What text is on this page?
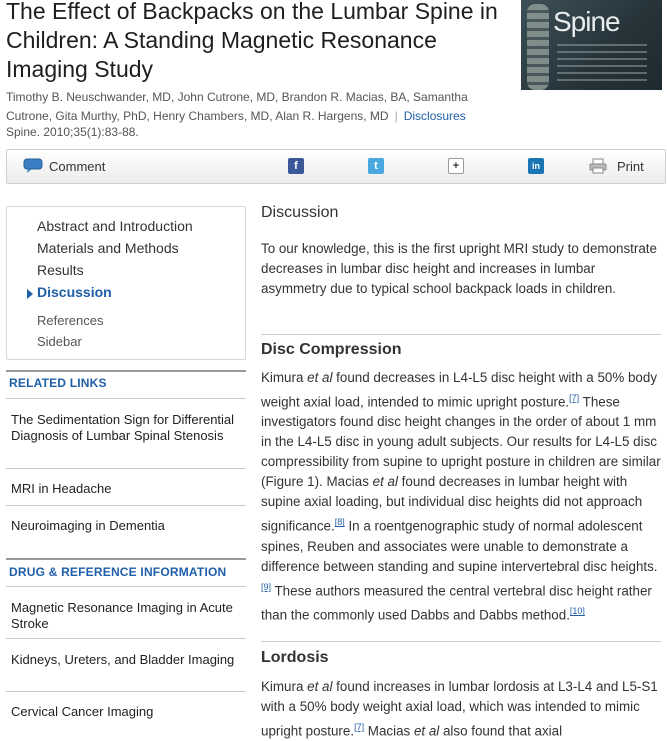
The Effect of Backpacks on the Lumbar Spine in Children: A Standing Magnetic Resonance Imaging Study
Timothy B. Neuschwander, MD, John Cutrone, MD, Brandon R. Macias, BA, Samantha
Cutrone, Gita Murthy, PhD, Henry Chambers, MD, Alan R. Hargens, MD | Disclosures
Spine. 2010;35(1):83-88.
Spine
Comment	f	t	+	in	Print
Abstract and Introduction
Materials and Methods
Results
Discussion
References
Sidebar
RELATED LINKS
The Sedimentation Sign for Differential Diagnosis of Lumbar Spinal Stenosis
MRI in Headache
Neuroimaging in Dementia
DRUG & REFERENCE INFORMATION
Magnetic Resonance Imaging in Acute Stroke
Kidneys, Ureters, and Bladder Imaging
Cervical Cancer Imaging
Discussion

To our knowledge, this is the first upright MRI study to demonstrate decreases in lumbar disc height and increases in lumbar asymmetry due to typical school backpack loads in children.

Disc Compression

Kimura et al found decreases in L4-L5 disc height with a 50% body weight axial load, intended to mimic upright posture.[7] These investigators found disc height changes in the order of about 1 mm in the L4-L5 disc in young adult subjects. Our results for L4-L5 disc compressibility from supine to upright posture in children are similar (Figure 1). Macias et al found decreases in lumbar height with supine axial loading, but individual disc heights did not approach significance.[8] In a roentgenographic study of normal adolescent spines, Reuben and associates were unable to demonstrate a difference between standing and supine intervertebral disc heights.[9] These authors measured the central vertebral disc height rather than the commonly used Dabbs and Dabbs method.[10]

Lordosis

Kimura et al found increases in lumbar lordosis at L3-L4 and L5-S1 with a 50% body weight axial load, which was intended to mimic upright posture.[7] Macias et al also found that axial
